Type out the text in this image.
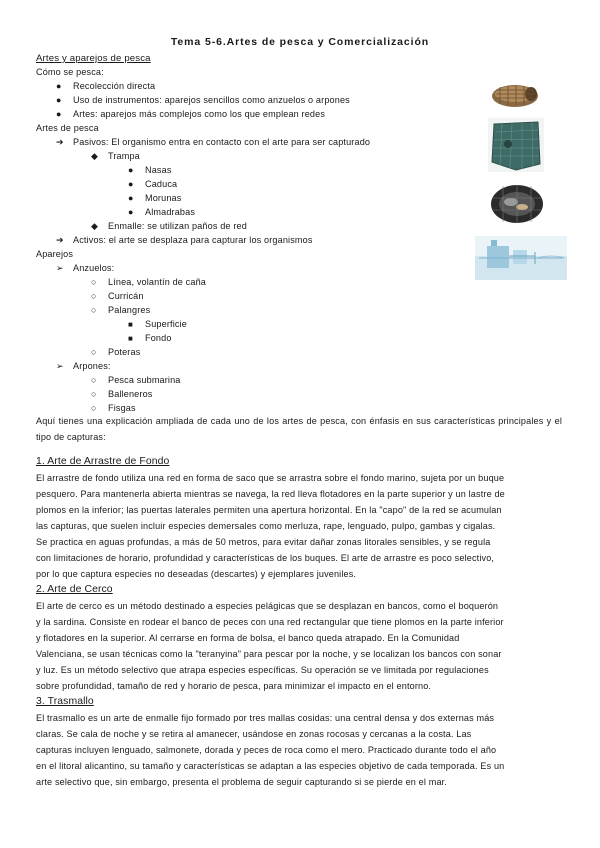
Tema 5-6.Artes de pesca y Comercialización
Artes y aparejos de pesca
Cómo se pesca:
● Recolección directa
● Uso de instrumentos: aparejos sencillos como anzuelos o arpones
● Artes: aparejos más complejos como los que emplean redes
Artes de pesca
➔ Pasivos: El organismo entra en contacto con el arte para ser capturado
◆ Trampa
● Nasas
● Caduca
● Morunas
● Almadrabas
◆ Enmalle: se utilizan paños de red
➔ Activos: el arte se desplaza para capturar los organismos
Aparejos
➢ Anzuelos:
○ Línea, volantín de caña
○ Curricán
○ Palangres
■ Superficie
■ Fondo
○ Poteras
➢ Arpones:
○ Pesca submarina
○ Balleneros
○ Fisgas
Aquí tienes una explicación ampliada de cada uno de los artes de pesca, con énfasis en sus características principales y el tipo de capturas:
1. Arte de Arrastre de Fondo
El arrastre de fondo utiliza una red en forma de saco que se arrastra sobre el fondo marino, sujeta por un buque
pesquero. Para mantenerla abierta mientras se navega, la red lleva flotadores en la parte superior y un lastre de
plomos en la inferior; las puertas laterales permiten una apertura horizontal. En la "capo" de la red se acumulan
las capturas, que suelen incluir especies demersales como merluza, rape, lenguado, pulpo, gambas y cigalas.
Se practica en aguas profundas, a más de 50 metros, para evitar dañar zonas litorales sensibles, y se regula
con limitaciones de horario, profundidad y características de los buques. El arte de arrastre es poco selectivo,
por lo que captura especies no deseadas (descartes) y ejemplares juveniles.
2. Arte de Cerco
El arte de cerco es un método destinado a especies pelágicas que se desplazan en bancos, como el boquerón
y la sardina. Consiste en rodear el banco de peces con una red rectangular que tiene plomos en la parte inferior
y flotadores en la superior. Al cerrarse en forma de bolsa, el banco queda atrapado. En la Comunidad
Valenciana, se usan técnicas como la "teranyina" para pescar por la noche, y se localizan los bancos con sonar
y luz. Es un método selectivo que atrapa especies específicas. Su operación se ve limitada por regulaciones
sobre profundidad, tamaño de red y horario de pesca, para minimizar el impacto en el entorno.
3. Trasmallo
El trasmallo es un arte de enmalle fijo formado por tres mallas cosidas: una central densa y dos externas más
claras. Se cala de noche y se retira al amanecer, usándose en zonas rocosas y cercanas a la costa. Las
capturas incluyen lenguado, salmonete, dorada y peces de roca como el mero. Practicado durante todo el año
en el litoral alicantino, su tamaño y características se adaptan a las especies objetivo de cada temporada. Es un
arte selectivo que, sin embargo, presenta el problema de seguir capturando si se pierde en el mar.
